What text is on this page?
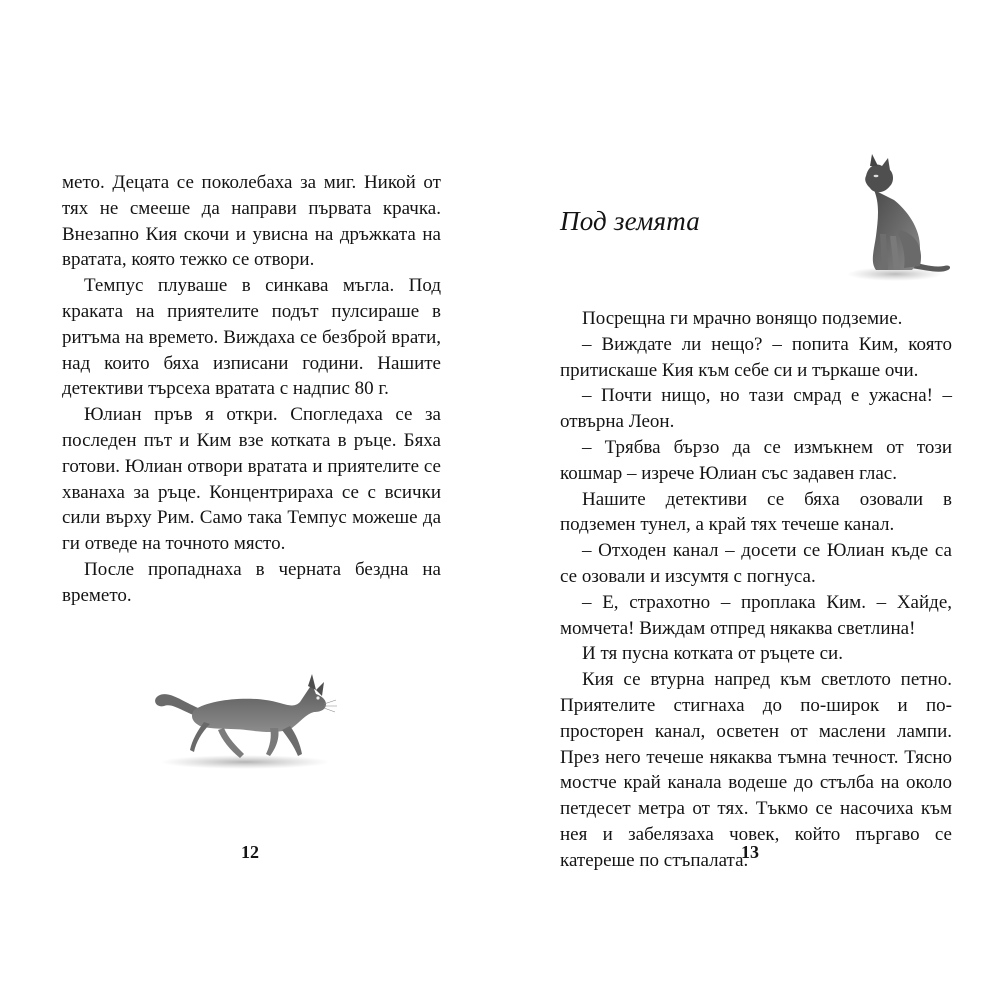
мето. Децата се поколебаха за миг. Никой от тях не смееше да направи първата крачка. Внезапно Кия скочи и увисна на дръжката на вратата, която тежко се отвори.

Темпус плуваше в синкава мъгла. Под краката на приятелите подът пулсираше в ритъма на времето. Виждаха се безброй врати, над които бяха изписани години. Нашите детективи търсеха вратата с надпис 80 г.

Юлиан пръв я откри. Спогледаха се за последен път и Ким взе котката в ръце. Бяха готови. Юлиан отвори вратата и приятелите се хванаха за ръце. Концентрираха се с всички сили върху Рим. Само така Темпус можеше да ги отведе на точното място.

После пропаднаха в черната бездна на времето.

12
Под земята

Посрещна ги мрачно вонящо подземие.

– Виждате ли нещо? – попита Ким, която притискаше Кия към себе си и търкаше очи.

– Почти нищо, но тази смрад е ужасна! – отвърна Леон.

– Трябва бързо да се измъкнем от този кошмар – изрече Юлиан със задавен глас.

Нашите детективи се бяха озовали в подземен тунел, а край тях течеше канал.

– Отходен канал – досети се Юлиан къде са се озовали и изсумтя с погнуса.

– Е, страхотно – проплака Ким. – Хайде, момчета! Виждам отпред някаква светлина!

И тя пусна котката от ръцете си.

Кия се втурна напред към светлото петно. Приятелите стигнаха до по-широк и по-просторен канал, осветен от маслени лампи. През него течеше някаква тъмна течност. Тясно мостче край канала водеше до стълба на около петдесет метра от тях. Тъкмо се насочиха към нея и забелязаха човек, който пъргаво се катереше по стъпалата.

13
